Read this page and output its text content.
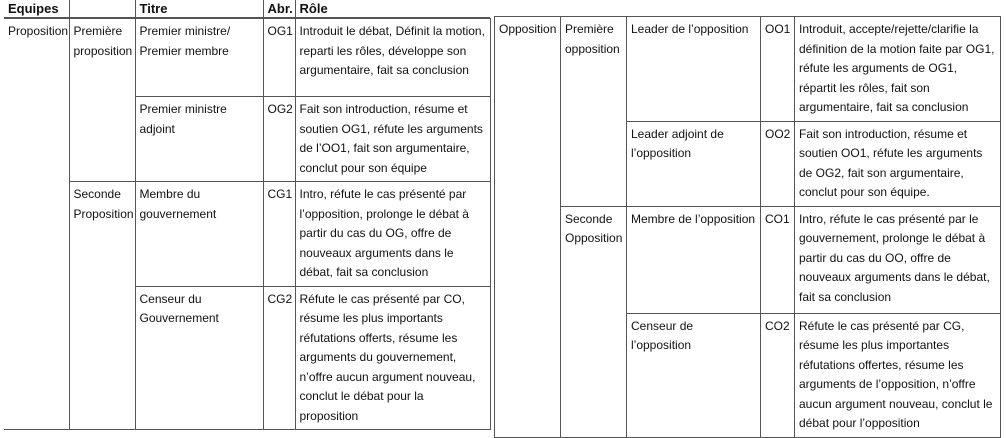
Equipes		Titre	Abr.	Rôle
Proposition	Première proposition	Premier ministre/ Premier membre	OG1	Introduit le débat, Définit la motion, reparti les rôles, développe son argumentaire, fait sa conclusion
		Premier ministre adjoint	OG2	Fait son introduction, résume et soutien OG1, réfute les arguments de l’OO1, fait son argumentaire, conclut pour son équipe
	Seconde Proposition	Membre du gouvernement	CG1	Intro, réfute le cas présenté par l’opposition, prolonge le débat à partir du cas du OG, offre de nouveaux arguments dans le débat, fait sa conclusion
		Censeur du Gouvernement	CG2	Réfute le cas présenté par CO, résume les plus importants réfutations offerts, résume les arguments du gouvernement, n’offre aucun argument nouveau, conclut le débat pour la proposition
Opposition	Première opposition	Leader de l’opposition	OO1	Introduit, accepte/rejette/clarifie la définition de la motion faite par OG1, réfute les arguments de OG1, répartit les rôles, fait son argumentaire, fait sa conclusion
		Leader adjoint de l’opposition	OO2	Fait son introduction, résume et soutien OO1, réfute les arguments de OG2, fait son argumentaire, conclut pour son équipe.
	Seconde Opposition	Membre de l’opposition	CO1	Intro, réfute le cas présenté par le gouvernement, prolonge le débat à partir du cas du OO, offre de nouveaux arguments dans le débat, fait sa conclusion
		Censeur de l’opposition	CO2	Réfute le cas présenté par CG, résume les plus importantes réfutations offertes, résume les arguments de l’opposition, n’offre aucun argument nouveau, conclut le débat pour l’opposition
